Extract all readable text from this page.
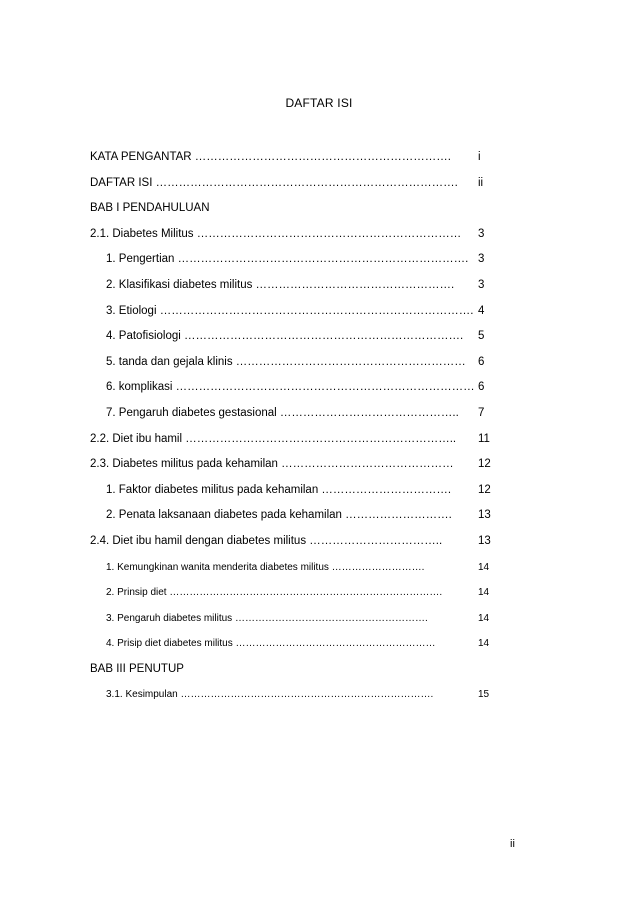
DAFTAR ISI
KATA PENGANTAR …………………………………………………………. i
DAFTAR ISI ……………………………………………………………………. ii
BAB I PENDAHULUAN
2.1. Diabetes Militus …………………………………………………………… 3
1. Pengertian …………………………………………………………………. 3
2. Klasifikasi diabetes militus ……………………………………………. 3
3. Etiologi ………………………………………………………………………. 4
4. Patofisiologi ………………………………………………………………. 5
5. tanda dan gejala klinis …………………………………………………… 6
6. komplikasi …………………………………………………………………… 6
7. Pengaruh diabetes gestasional ……………………………………….. 7
2.2. Diet ibu hamil …………………………………………………………….. 11
2.3. Diabetes militus pada kehamilan ……………………………………… 12
1. Faktor diabetes militus pada kehamilan ……………………………. 12
2. Penata laksanaan diabetes pada kehamilan ………………………. 13
2.4. Diet ibu hamil dengan diabetes militus ……………………………..	13
1. Kemungkinan wanita menderita diabetes militus ……………………….	14
2. Prinsip diet ……………………………………………………………………….	14
3. Pengaruh diabetes militus ………………………………………………….	14
4. Prisip diet diabetes militus ……………………………………………………	14
BAB III PENUTUP
3.1. Kesimpulan ………………………………………………………………….	15
ii
